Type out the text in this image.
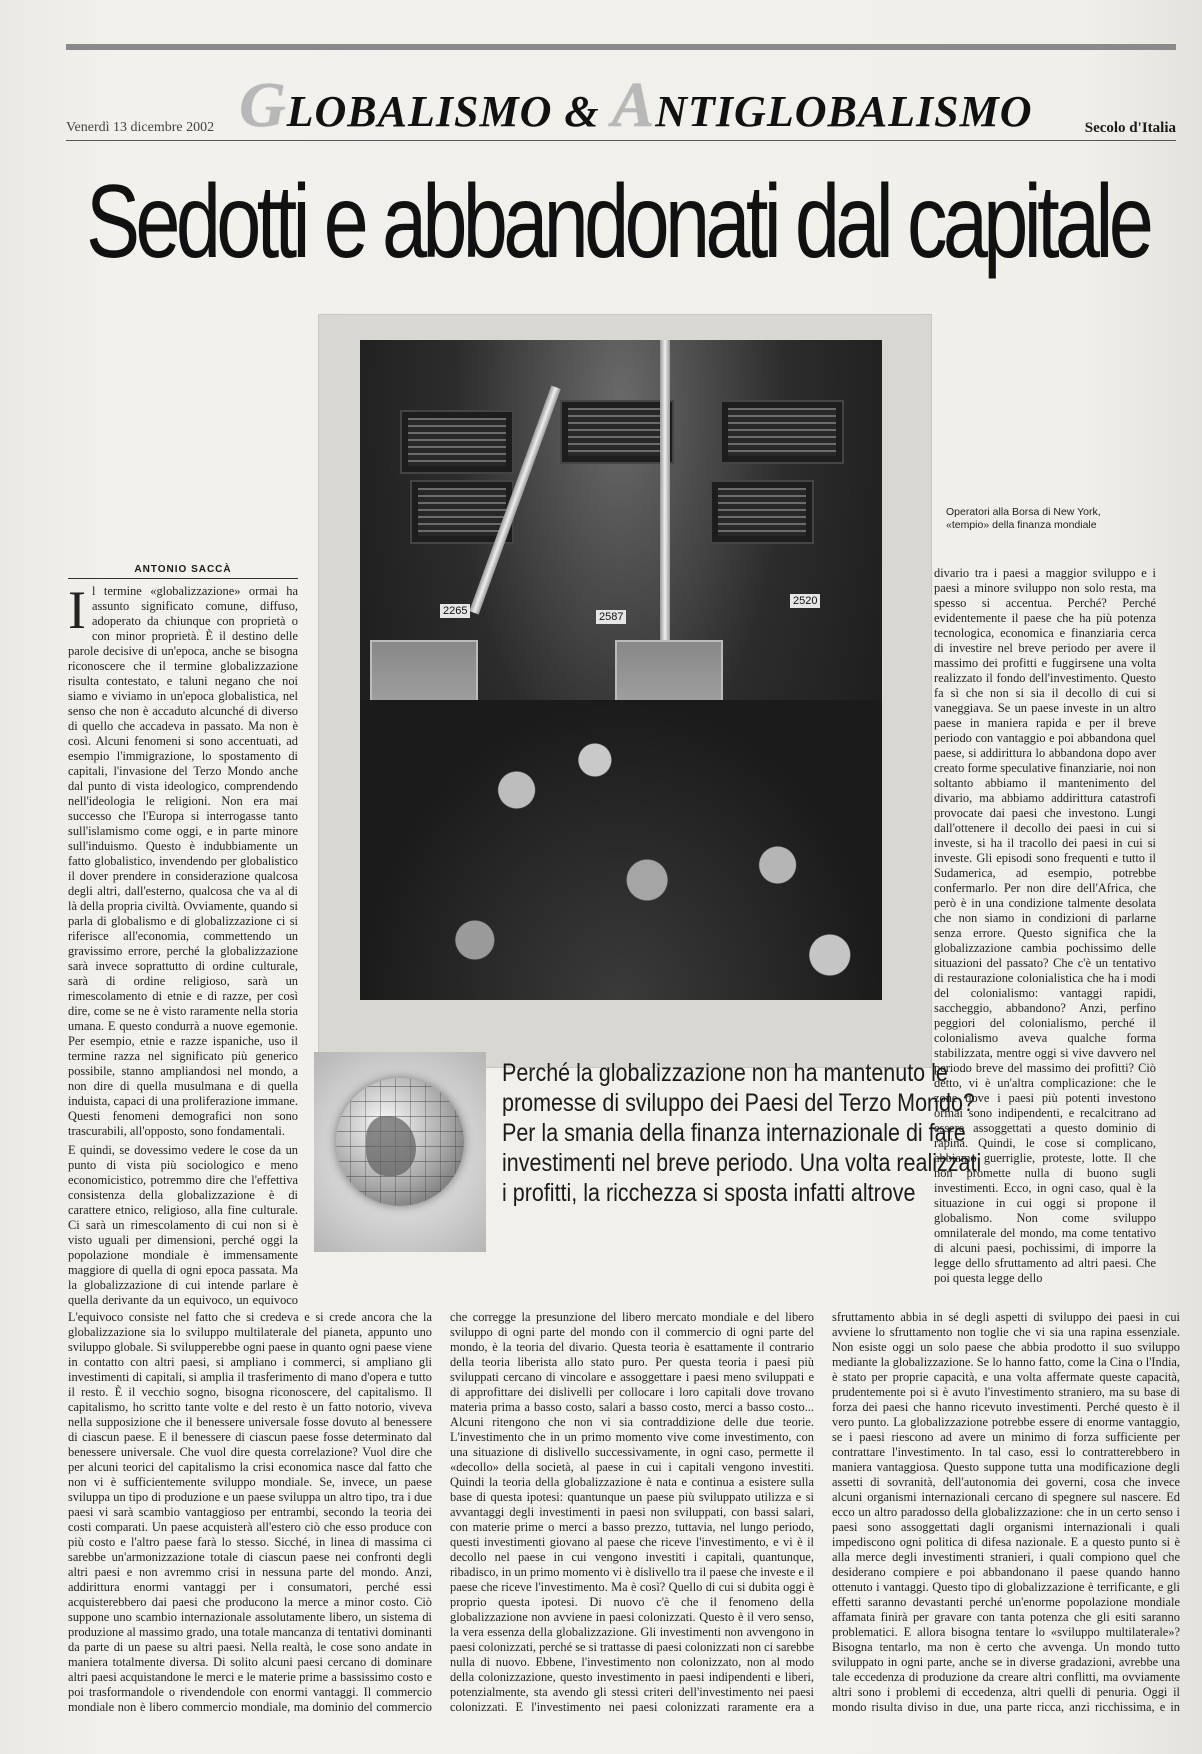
Venerdì 13 dicembre 2002 GLOBALISMO & ANTIGLOBALISMO	Secolo d'Italia
Sedotti e abbandonati dal capitale
ANTONIO SACCÀ

Il termine «globalizzazione» ormai ha assunto significato comune, diffuso, adoperato da chiunque con proprietà o con minor proprietà. È il destino delle parole decisive di un'epoca, anche se bisogna riconoscere che il termine globalizzazione risulta contestato, e taluni negano che noi siamo e viviamo in un'epoca globalistica, nel senso che non è accaduto alcunché di diverso di quello che accadeva in passato. Ma non è così. Alcuni fenomeni si sono accentuati, ad esempio l'immigrazione, lo spostamento di capitali, l'invasione del Terzo Mondo anche dal punto di vista ideologico, comprendendo nell'ideologia le religioni. Non era mai successo che l'Europa si interrogasse tanto sull'islamismo come oggi, e in parte minore sull'induismo. Questo è indubbiamente un fatto globalistico, invendendo per globalistico il dover prendere in considerazione qualcosa degli altri, dall'esterno, qualcosa che va al di là della propria civiltà. Ovviamente, quando si parla di globalismo e di globalizzazione ci si riferisce all'economia, commettendo un gravissimo errore, perché la globalizzazione sarà invece soprattutto di ordine culturale, sarà di ordine religioso, sarà un rimescolamento di etnie e di razze, per così dire, come se ne è visto raramente nella storia umana. E questo condurrà a nuove egemonie. Per esempio, etnie e razze ispaniche, uso il termine razza nel significato più generico possibile, stanno ampliandosi nel mondo, a non dire di quella musulmana e di quella induista, capaci di una proliferazione immane. Questi fenomeni demografici non sono trascurabili, all'opposto, sono fondamentali.

E quindi, se dovessimo vedere le cose da un punto di vista più sociologico e meno economicistico, potremmo dire che l'effettiva consistenza della globalizzazione è di carattere etnico, religioso, alla fine culturale. Ci sarà un rimescolamento di cui non si è visto uguali per dimensioni, perché oggi la popolazione mondiale è immensamente maggiore di quella di ogni epoca passata. Ma la globalizzazione di cui intende parlare è quella derivante da un equivoco, un equivoco

2265	2587
2520
Operatori alla Borsa di New York, «tempio» della finanza mondiale

divario tra i paesi a maggior sviluppo e i paesi a minore sviluppo non solo resta, ma spesso si accentua. Perché? Perché evidentemente il paese che ha più potenza tecnologica, economica e finanziaria cerca di investire nel breve periodo per avere il massimo dei profitti e fuggirsene una volta realizzato il fondo dell'investimento. Questo fa sì che non si sia il decollo di cui si vaneggiava. Se un paese investe in un altro paese in maniera rapida e per il breve periodo con vantaggio e poi abbandona quel paese, si addirittura lo abbandona dopo aver creato forme speculative finanziarie, noi non soltanto abbiamo il mantenimento del divario, ma abbiamo addirittura catastrofi provocate dai paesi che investono. Lungi dall'ottenere il decollo dei paesi in cui si investe, si ha il tracollo dei paesi in cui si investe. Gli episodi sono frequenti e tutto il Sudamerica, ad esempio, potrebbe confermarlo. Per non dire dell'Africa, che però è in una condizione talmente desolata che non siamo in condizioni di parlarne senza errore. Questo significa che la globalizzazione cambia pochissimo delle situazioni del passato? Che c'è un tentativo di restaurazione colonialistica che ha i modi del colonialismo: vantaggi rapidi, saccheggio, abbandono? Anzi, perfino peggiori del colonialismo, perché il colonialismo aveva qualche forma stabilizzata, mentre oggi si vive davvero nel periodo breve del massimo dei profitti? Ciò detto, vi è un'altra complicazione: che le zone dove i paesi più potenti investono ormai sono indipendenti, e recalcitrano ad essere assoggettati a questo dominio di rapina. Quindi, le cose si complicano, abbiamo guerriglie, proteste, lotte. Il che non promette nulla di buono sugli investimenti. Ecco, in ogni caso, qual è la situazione in cui oggi si propone il globalismo. Non come sviluppo omnilaterale del mondo, ma come tentativo di alcuni paesi, pochissimi, di imporre la legge dello sfruttamento ad altri paesi. Che poi questa legge dello

Perché la globalizzazione non ha mantenuto le promesse di sviluppo dei Paesi del Terzo Mondo? Per la smania della finanza internazionale di fare investimenti nel breve periodo. Una volta realizzati i profitti, la ricchezza si sposta infatti altrove

L'equivoco consiste nel fatto che si credeva e si crede ancora che la globalizzazione sia lo sviluppo multilaterale del pianeta, appunto uno sviluppo globale. Si svilupperebbe ogni paese in quanto ogni paese viene in contatto con altri paesi, si ampliano i commerci, si ampliano gli investimenti di capitali, si amplia il trasferimento di mano d'opera e tutto il resto. È il vecchio sogno, bisogna riconoscere, del capitalismo. Il capitalismo, ho scritto tante volte e del resto è un fatto notorio, viveva nella supposizione che il benessere universale fosse dovuto al benessere di ciascun paese. E il benessere di ciascun paese fosse determinato dal benessere universale. Che vuol dire questa correlazione? Vuol dire che per alcuni teorici del capitalismo la crisi economica nasce dal fatto che non vi è sufficientemente sviluppo mondiale. Se, invece, un paese sviluppa un tipo di produzione e un paese sviluppa un altro tipo, tra i due paesi vi sarà scambio vantaggioso per entrambi, secondo la teoria dei costi comparati. Un paese acquisterà all'estero ciò che esso produce con più costo e l'altro paese farà lo stesso. Sicché, in linea di massima ci sarebbe un'armonizzazione totale di ciascun paese nei confronti degli altri paesi e non avremmo crisi in nessuna parte del mondo. Anzi, addirittura enormi vantaggi per i consumatori, perché essi acquisterebbero dai paesi che producono la merce a minor costo. Ciò suppone uno scambio internazionale assolutamente libero, un sistema di produzione al massimo grado, una totale mancanza di tentativi dominanti da parte di un paese su altri paesi. Nella realtà, le cose sono andate in maniera totalmente diversa. Di solito alcuni paesi cercano di dominare altri paesi acquistandone le merci e le materie prime a bassissimo costo e poi trasformandole o rivendendole con enormi vantaggi. Il commercio mondiale non è libero commercio mondiale, ma dominio del commercio

che corregge la presunzione del libero mercato mondiale e del libero sviluppo di ogni parte del mondo con il commercio di ogni parte del mondo, è la teoria del divario. Questa teoria è esattamente il contrario della teoria liberista allo stato puro. Per questa teoria i paesi più sviluppati cercano di vincolare e assoggettare i paesi meno sviluppati e di approfittare dei dislivelli per collocare i loro capitali dove trovano materia prima a basso costo, salari a basso costo, merci a basso costo... Alcuni ritengono che non vi sia contraddizione delle due teorie. L'investimento che in un primo momento vive come investimento, con una situazione di dislivello successivamente, in ogni caso, permette il «decollo» della società, al paese in cui i capitali vengono investiti. Quindi la teoria della globalizzazione è nata e continua a esistere sulla base di questa ipotesi: quantunque un paese più sviluppato utilizza e si avvantaggi degli investimenti in paesi non sviluppati, con bassi salari, con materie prime o merci a basso prezzo, tuttavia, nel lungo periodo, questi investimenti giovano al paese che riceve l'investimento, e vi è il decollo nel paese in cui vengono investiti i capitali, quantunque, ribadisco, in un primo momento vi è dislivello tra il paese che investe e il paese che riceve l'investimento. Ma è così? Quello di cui si dubita oggi è proprio questa ipotesi. Di nuovo c'è che il fenomeno della globalizzazione non avviene in paesi colonizzati. Questo è il vero senso, la vera essenza della globalizzazione. Gli investimenti non avvengono in paesi colonizzati, perché se si trattasse di paesi colonizzati non ci sarebbe nulla di nuovo. Ebbene, l'investimento non colonizzato, non al modo della colonizzazione, questo investimento in paesi indipendenti e liberi, potenzialmente, sta avendo gli stessi criteri dell'investimento nei paesi colonizzati. E l'investimento nei paesi colonizzati raramente era a

sfruttamento abbia in sé degli aspetti di sviluppo dei paesi in cui avviene lo sfruttamento non toglie che vi sia una rapina essenziale. Non esiste oggi un solo paese che abbia prodotto il suo sviluppo mediante la globalizzazione. Se lo hanno fatto, come la Cina o l'India, è stato per proprie capacità, e una volta affermate queste capacità, prudentemente poi si è avuto l'investimento straniero, ma su base di forza dei paesi che hanno ricevuto investimenti. Perché questo è il vero punto. La globalizzazione potrebbe essere di enorme vantaggio, se i paesi riescono ad avere un minimo di forza sufficiente per contrattare l'investimento. In tal caso, essi lo contratterebbero in maniera vantaggiosa. Questo suppone tutta una modificazione degli assetti di sovranità, dell'autonomia dei governi, cosa che invece alcuni organismi internazionali cercano di spegnere sul nascere. Ed ecco un altro paradosso della globalizzazione: che in un certo senso i paesi sono assoggettati dagli organismi internazionali i quali impediscono ogni politica di difesa nazionale. E a questo punto si è alla merce degli investimenti stranieri, i quali compiono quel che desiderano compiere e poi abbandonano il paese quando hanno ottenuto i vantaggi. Questo tipo di globalizzazione è terrificante, e gli effetti saranno devastanti perché un'enorme popolazione mondiale affamata finirà per gravare con tanta potenza che gli esiti saranno problematici. E allora bisogna tentare lo «sviluppo multilaterale»? Bisogna tentarlo, ma non è certo che avvenga. Un mondo tutto sviluppato in ogni parte, anche se in diverse gradazioni, avrebbe una tale eccedenza di produzione da creare altri conflitti, ma ovviamente altri sono i problemi di eccedenza, altri quelli di penuria. Oggi il mondo risulta diviso in due, una parte ricca, anzi ricchissima, e in
